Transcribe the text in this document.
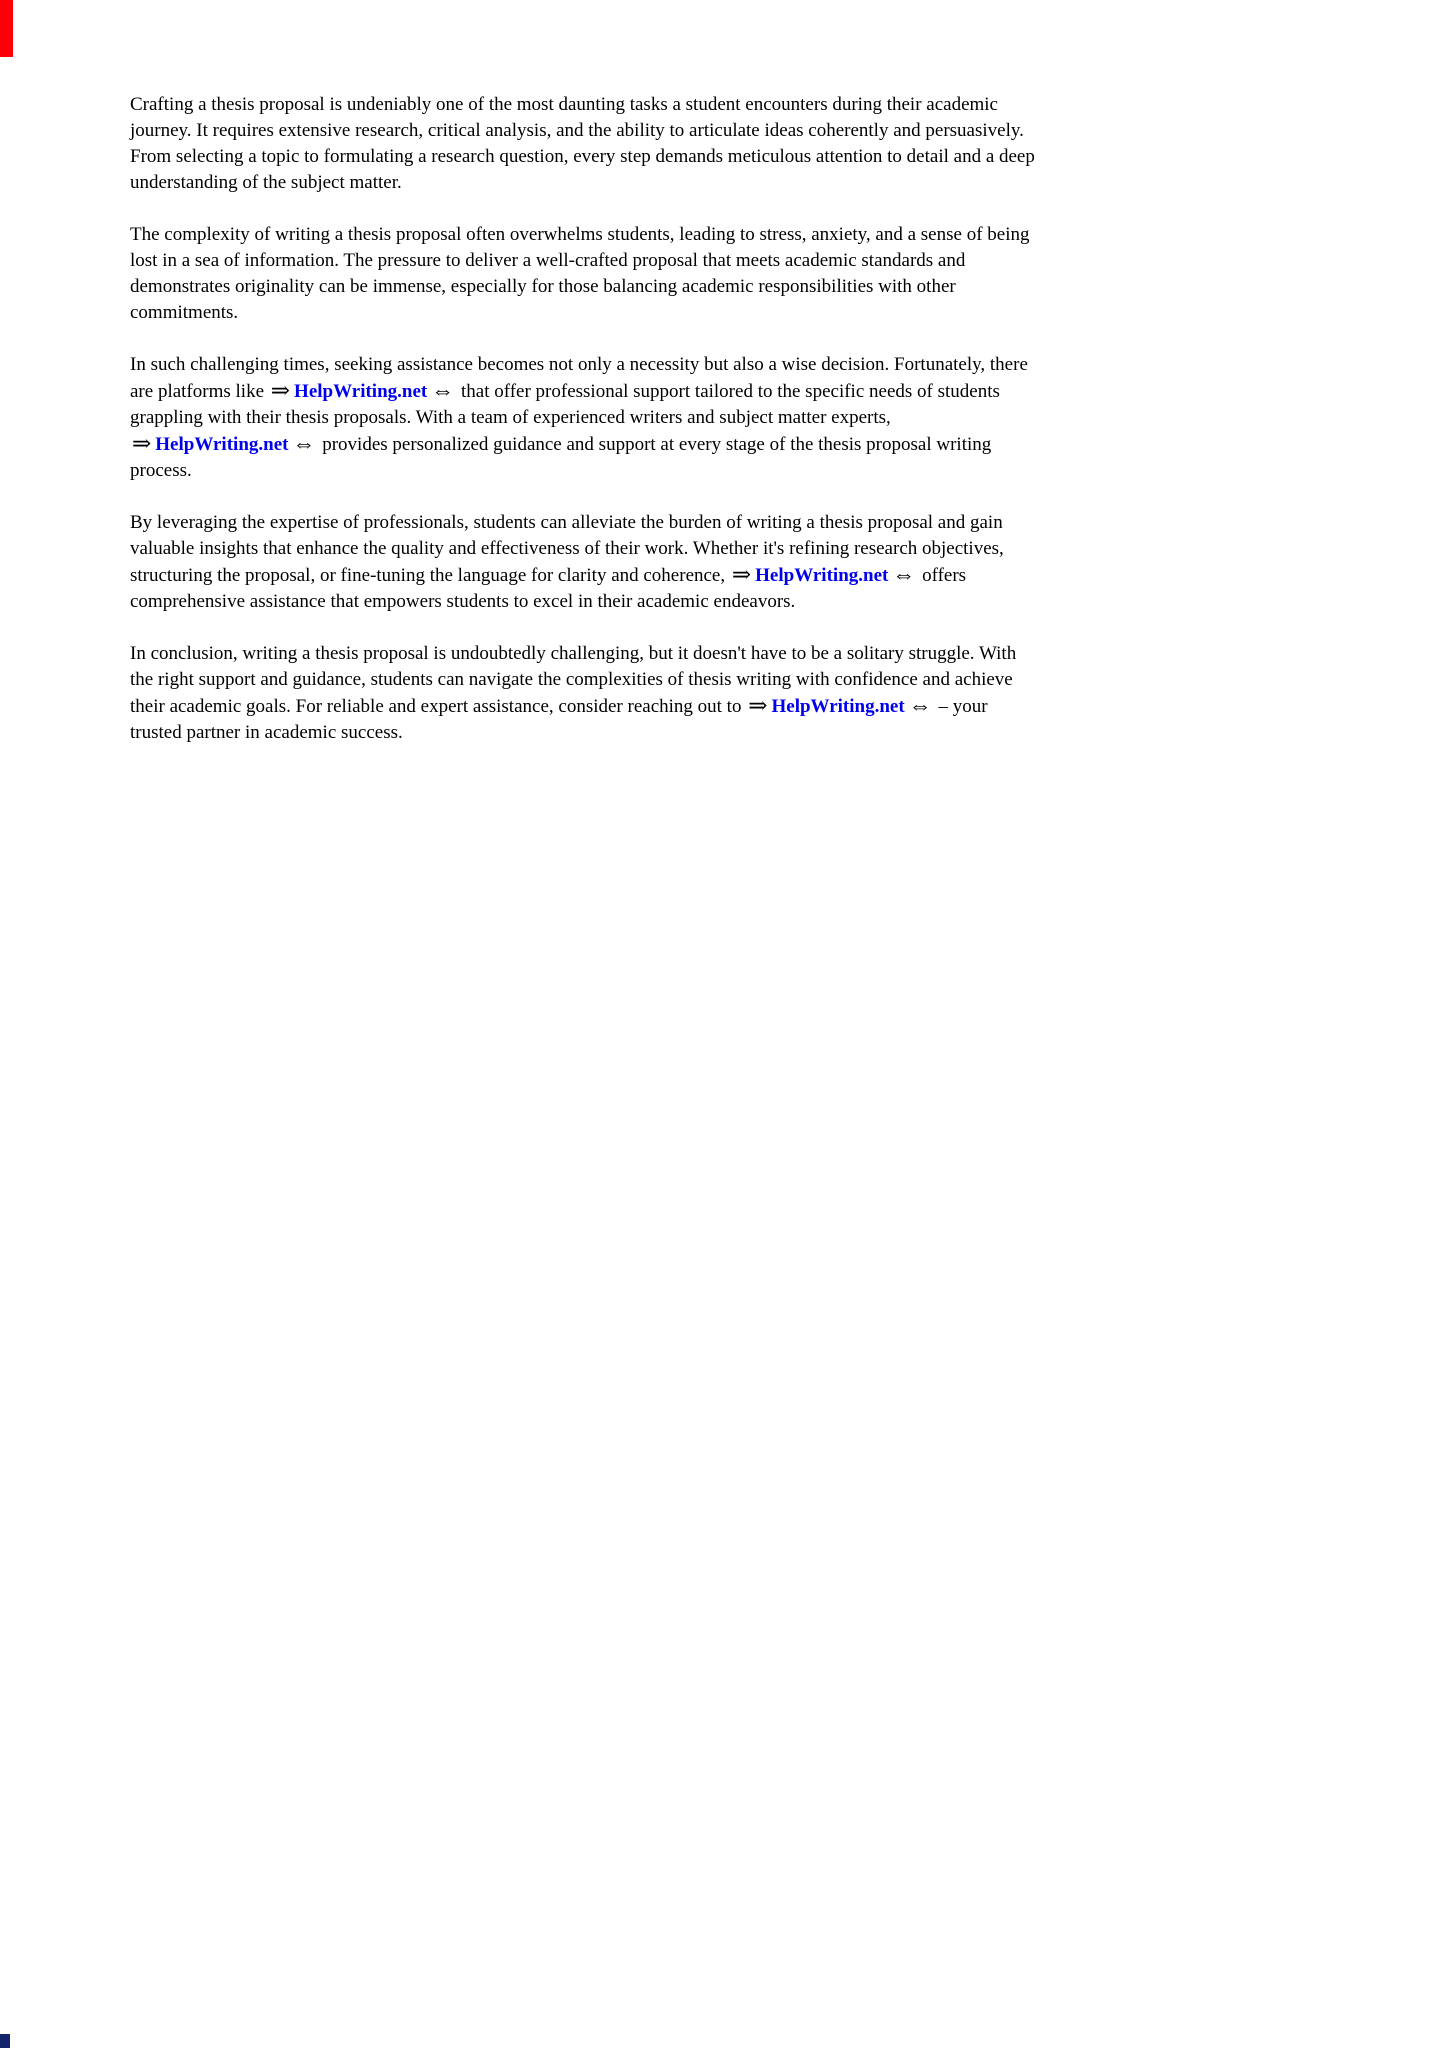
Crafting a thesis proposal is undeniably one of the most daunting tasks a student encounters during their academic journey. It requires extensive research, critical analysis, and the ability to articulate ideas coherently and persuasively. From selecting a topic to formulating a research question, every step demands meticulous attention to detail and a deep understanding of the subject matter.

The complexity of writing a thesis proposal often overwhelms students, leading to stress, anxiety, and a sense of being lost in a sea of information. The pressure to deliver a well-crafted proposal that meets academic standards and demonstrates originality can be immense, especially for those balancing academic responsibilities with other commitments.

In such challenging times, seeking assistance becomes not only a necessity but also a wise decision. Fortunately, there are platforms like ⇒ HelpWriting.net ⇔ that offer professional support tailored to the specific needs of students grappling with their thesis proposals. With a team of experienced writers and subject matter experts, ⇒ HelpWriting.net ⇔ provides personalized guidance and support at every stage of the thesis proposal writing process.

By leveraging the expertise of professionals, students can alleviate the burden of writing a thesis proposal and gain valuable insights that enhance the quality and effectiveness of their work. Whether it's refining research objectives, structuring the proposal, or fine-tuning the language for clarity and coherence, ⇒ HelpWriting.net ⇔ offers comprehensive assistance that empowers students to excel in their academic endeavors.

In conclusion, writing a thesis proposal is undoubtedly challenging, but it doesn't have to be a solitary struggle. With the right support and guidance, students can navigate the complexities of thesis writing with confidence and achieve their academic goals. For reliable and expert assistance, consider reaching out to ⇒ HelpWriting.net ⇔ – your trusted partner in academic success.
